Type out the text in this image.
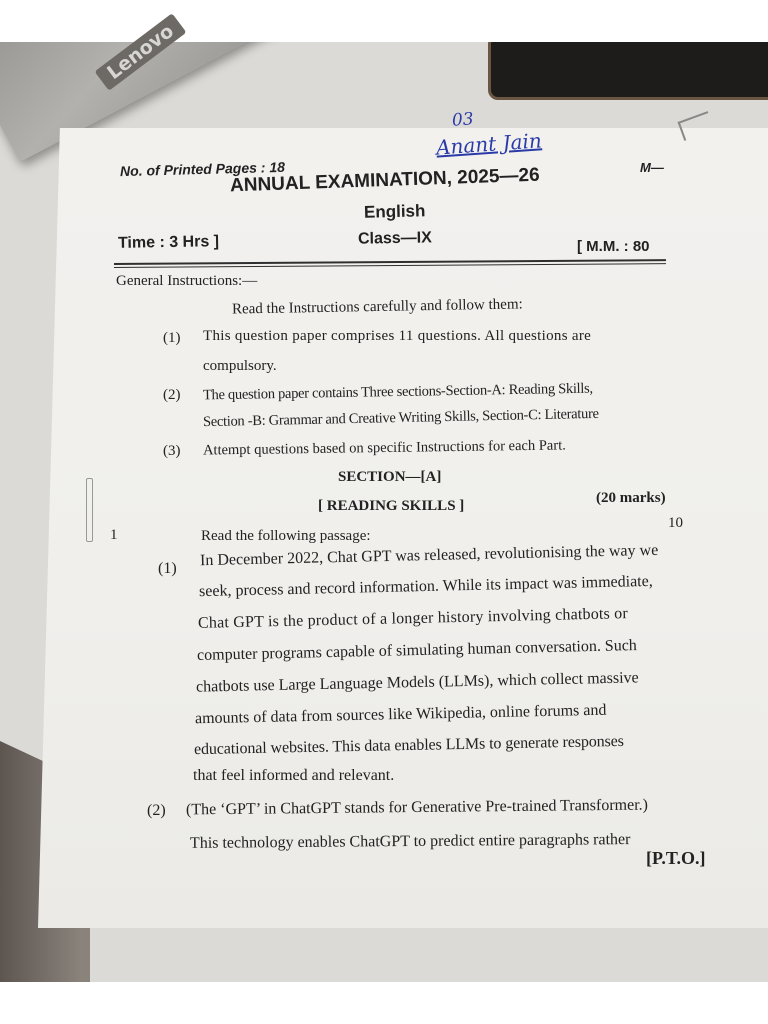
Lenovo
03
Anant Jain
No. of Printed Pages : 18	M—
ANNUAL EXAMINATION, 2025—26
English
Time : 3 Hrs ]	Class—IX	[ M.M. : 80
General Instructions:—
Read the Instructions carefully and follow them:
(1) This question paper comprises 11 questions. All questions are
compulsory.
(2) The question paper contains Three sections-Section-A: Reading Skills,
Section -B: Grammar and Creative Writing Skills, Section-C: Literature
(3) Attempt questions based on specific Instructions for each Part.
SECTION—[A]
[ READING SKILLS ]	(20 marks)
1	Read the following passage:
10
(1) In December 2022, Chat GPT was released, revolutionising the way we
seek, process and record information. While its impact was immediate,
Chat GPT is the product of a longer history involving chatbots or
computer programs capable of simulating human conversation. Such
chatbots use Large Language Models (LLMs), which collect massive
amounts of data from sources like Wikipedia, online forums and
educational websites. This data enables LLMs to generate responses
that feel informed and relevant.
(2) (The ‘GPT’ in ChatGPT stands for Generative Pre-trained Transformer.)
This technology enables ChatGPT to predict entire paragraphs rather
[P.T.O.]
